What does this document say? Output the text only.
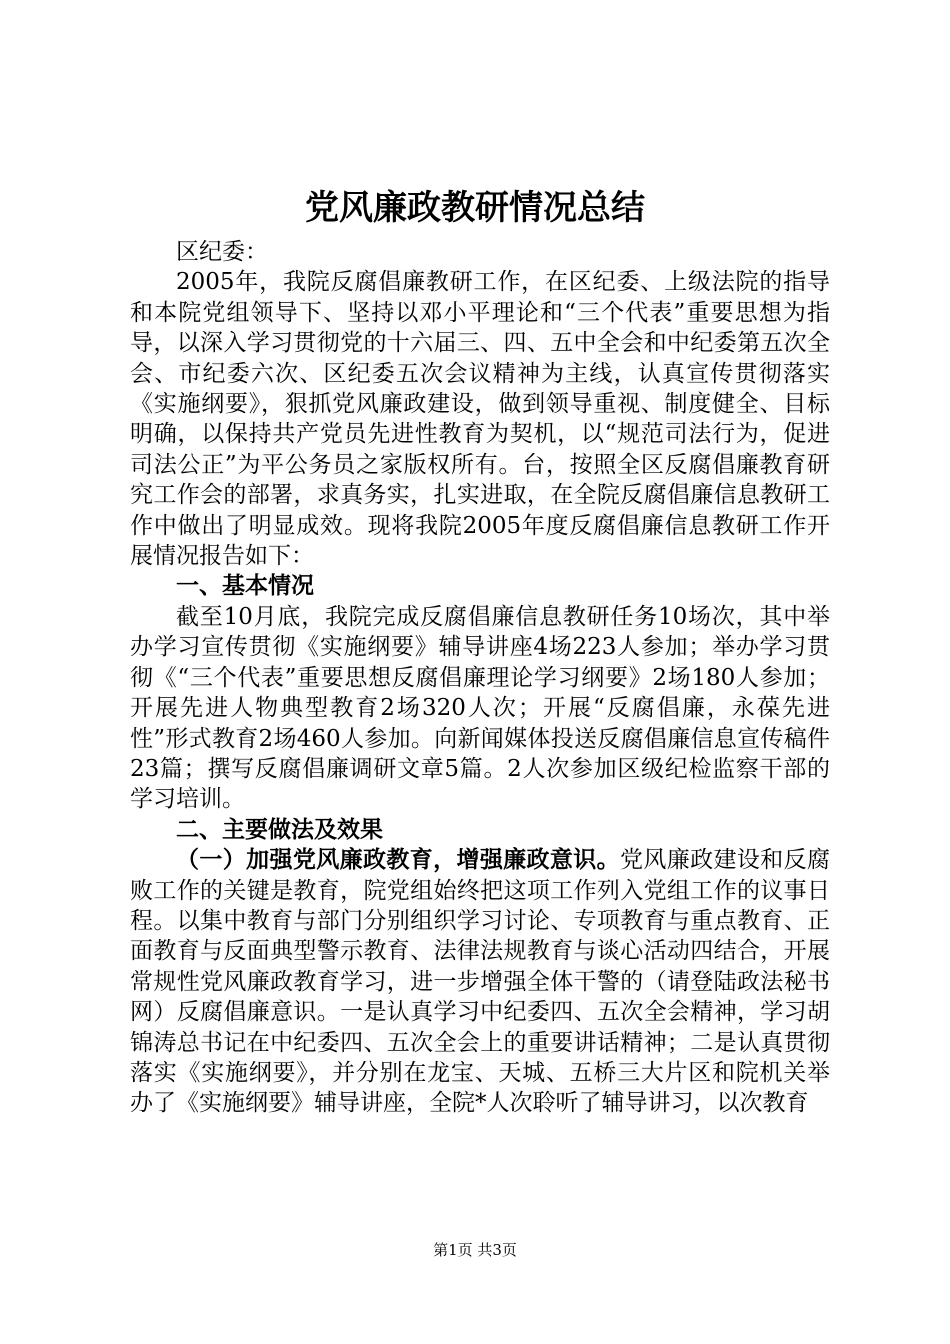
党风廉政教研情况总结

区纪委：

2005年，我院反腐倡廉教研工作，在区纪委、上级法院的指导和本院党组领导下、坚持以邓小平理论和“三个代表”重要思想为指导，以深入学习贯彻党的十六届三、四、五中全会和中纪委第五次全会、市纪委六次、区纪委五次会议精神为主线，认真宣传贯彻落实《实施纲要》，狠抓党风廉政建设，做到领导重视、制度健全、目标明确，以保持共产党员先进性教育为契机，以“规范司法行为，促进司法公正”为平公务员之家版权所有。台，按照全区反腐倡廉教育研究工作会的部署，求真务实，扎实进取，在全院反腐倡廉信息教研工作中做出了明显成效。现将我院2005年度反腐倡廉信息教研工作开展情况报告如下：

一、基本情况

截至10月底，我院完成反腐倡廉信息教研任务10场次，其中举办学习宣传贯彻《实施纲要》辅导讲座4场223人参加；举办学习贯彻《“三个代表”重要思想反腐倡廉理论学习纲要》2场180人参加；开展先进人物典型教育2场320人次；开展“反腐倡廉，永葆先进性”形式教育2场460人参加。向新闻媒体投送反腐倡廉信息宣传稿件23篇；撰写反腐倡廉调研文章5篇。2人次参加区级纪检监察干部的学习培训。

二、主要做法及效果

（一）加强党风廉政教育，增强廉政意识。党风廉政建设和反腐败工作的关键是教育，院党组始终把这项工作列入党组工作的议事日程。以集中教育与部门分别组织学习讨论、专项教育与重点教育、正面教育与反面典型警示教育、法律法规教育与谈心活动四结合，开展常规性党风廉政教育学习，进一步增强全体干警的（请登陆政法秘书网）反腐倡廉意识。一是认真学习中纪委四、五次全会精神，学习胡锦涛总书记在中纪委四、五次全会上的重要讲话精神；二是认真贯彻落实《实施纲要》，并分别在龙宝、天城、五桥三大片区和院机关举办了《实施纲要》辅导讲座，全院*人次聆听了辅导讲习，以次教育

第1页 共3页
